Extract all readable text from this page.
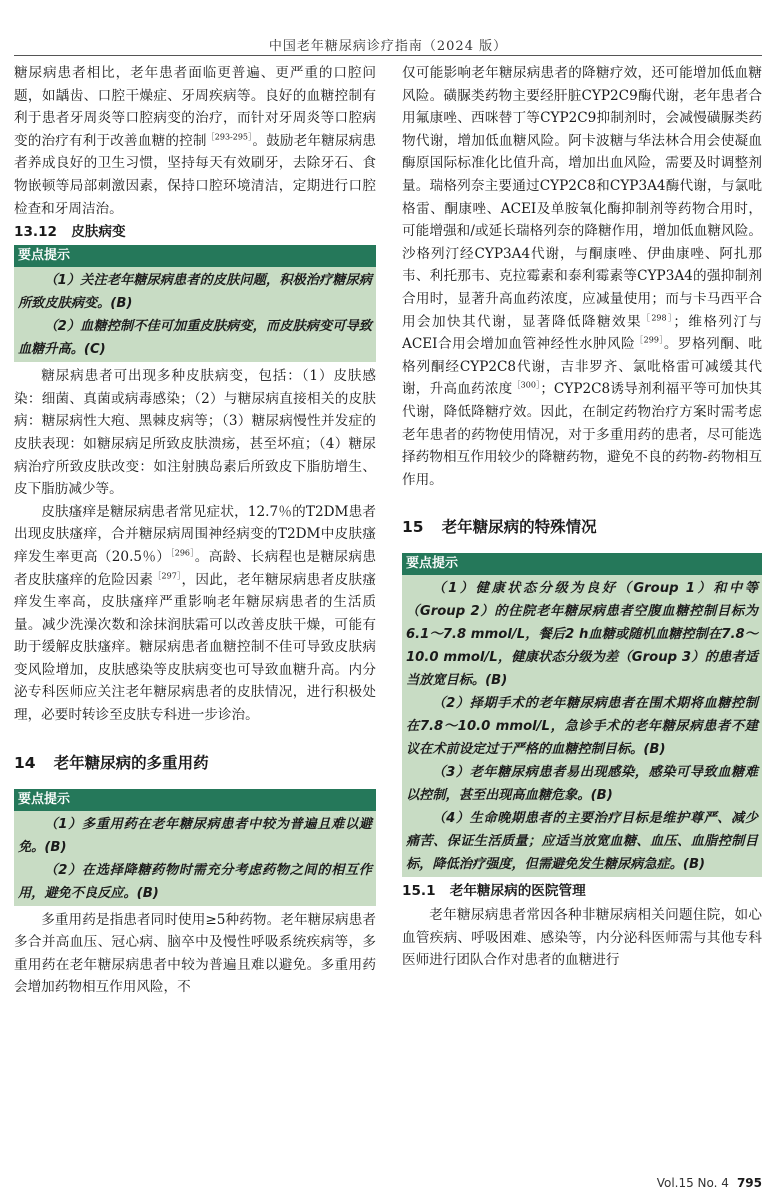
中国老年糖尿病诊疗指南（2024 版）

糖尿病患者相比，老年患者面临更普遍、更严重的口腔问题，如龋齿、口腔干燥症、牙周疾病等。良好的血糖控制有利于患者牙周炎等口腔病变的治疗，而针对牙周炎等口腔病变的治疗有利于改善血糖的控制$^{[293-295]}$。鼓励老年糖尿病患者养成良好的卫生习惯，坚持每天有效刷牙，去除牙石、食物嵌顿等局部刺激因素，保持口腔环境清洁，定期进行口腔检查和牙周洁治。

13.12 皮肤病变
要点提示

（1）关注老年糖尿病患者的皮肤问题，积极治疗糖尿病所致皮肤病变。(B)

（2）血糖控制不佳可加重皮肤病变，而皮肤病变可导致血糖升高。(C)

糖尿病患者可出现多种皮肤病变，包括：（1）皮肤感染：细菌、真菌或病毒感染；（2）与糖尿病直接相关的皮肤病：糖尿病性大疱、黑棘皮病等；（3）糖尿病慢性并发症的皮肤表现：如糖尿病足所致皮肤溃疡，甚至坏疽；（4）糖尿病治疗所致皮肤改变：如注射胰岛素后所致皮下脂肪增生、皮下脂肪减少等。

皮肤瘙痒是糖尿病患者常见症状，12.7％的T2DM患者出现皮肤瘙痒，合并糖尿病周围神经病变的T2DM中皮肤瘙痒发生率更高（20.5％）$^{[296]}$。高龄、长病程也是糖尿病患者皮肤瘙痒的危险因素$^{[297]}$，因此，老年糖尿病患者皮肤瘙痒发生率高，皮肤瘙痒严重影响老年糖尿病患者的生活质量。减少洗澡次数和涂抹润肤霜可以改善皮肤干燥，可能有助于缓解皮肤瘙痒。糖尿病患者血糖控制不佳可导致皮肤病变风险增加，皮肤感染等皮肤病变也可导致血糖升高。内分泌专科医师应关注老年糖尿病患者的皮肤情况，进行积极处理，必要时转诊至皮肤专科进一步诊治。

14 老年糖尿病的多重用药
要点提示

（1）多重用药在老年糖尿病患者中较为普遍且难以避免。(B)

（2）在选择降糖药物时需充分考虑药物之间的相互作用，避免不良反应。(B)

多重用药是指患者同时使用≥5种药物。老年糖尿病患者多合并高血压、冠心病、脑卒中及慢性呼吸系统疾病等，多重用药在老年糖尿病患者中较为普遍且难以避免。多重用药会增加药物相互作用风险，不

仅可能影响老年糖尿病患者的降糖疗效，还可能增加低血糖风险。磺脲类药物主要经肝脏CYP2C9酶代谢，老年患者合用氟康唑、西咪替丁等CYP2C9抑制剂时，会减慢磺脲类药物代谢，增加低血糖风险。阿卡波糖与华法林合用会使凝血酶原国际标准化比值升高，增加出血风险，需要及时调整剂量。瑞格列奈主要通过CYP2C8和CYP3A4酶代谢，与氯吡格雷、酮康唑、ACEI及单胺氧化酶抑制剂等药物合用时，可能增强和/或延长瑞格列奈的降糖作用，增加低血糖风险。沙格列汀经CYP3A4代谢，与酮康唑、伊曲康唑、阿扎那韦、利托那韦、克拉霉素和泰利霉素等CYP3A4的强抑制剂合用时，显著升高血药浓度，应减量使用；而与卡马西平合用会加快其代谢，显著降低降糖效果$^{[298]}$；维格列汀与ACEI合用会增加血管神经性水肿风险$^{[299]}$。罗格列酮、吡格列酮经CYP2C8代谢，吉非罗齐、氯吡格雷可减缓其代谢，升高血药浓度$^{[300]}$；CYP2C8诱导剂利福平等可加快其代谢，降低降糖疗效。因此，在制定药物治疗方案时需考虑老年患者的药物使用情况，对于多重用药的患者，尽可能选择药物相互作用较少的降糖药物，避免不良的药物-药物相互作用。

15 老年糖尿病的特殊情况
要点提示

（1）健康状态分级为良好（Group 1）和中等（Group 2）的住院老年糖尿病患者空腹血糖控制目标为6.1～7.8 mmol/L，餐后2 h血糖或随机血糖控制在7.8～10.0 mmol/L，健康状态分级为差（Group 3）的患者适当放宽目标。(B)

（2）择期手术的老年糖尿病患者在围术期将血糖控制在7.8～10.0 mmol/L，急诊手术的老年糖尿病患者不建议在术前设定过于严格的血糖控制目标。(B)

（3）老年糖尿病患者易出现感染，感染可导致血糖难以控制，甚至出现高血糖危象。(B)

（4）生命晚期患者的主要治疗目标是维护尊严、减少痛苦、保证生活质量；应适当放宽血糖、血压、血脂控制目标，降低治疗强度，但需避免发生糖尿病急症。(B)

15.1 老年糖尿病的医院管理

老年糖尿病患者常因各种非糖尿病相关问题住院，如心血管疾病、呼吸困难、感染等，内分泌科医师需与其他专科医师进行团队合作对患者的血糖进行

Vol.15 No. 4 795
